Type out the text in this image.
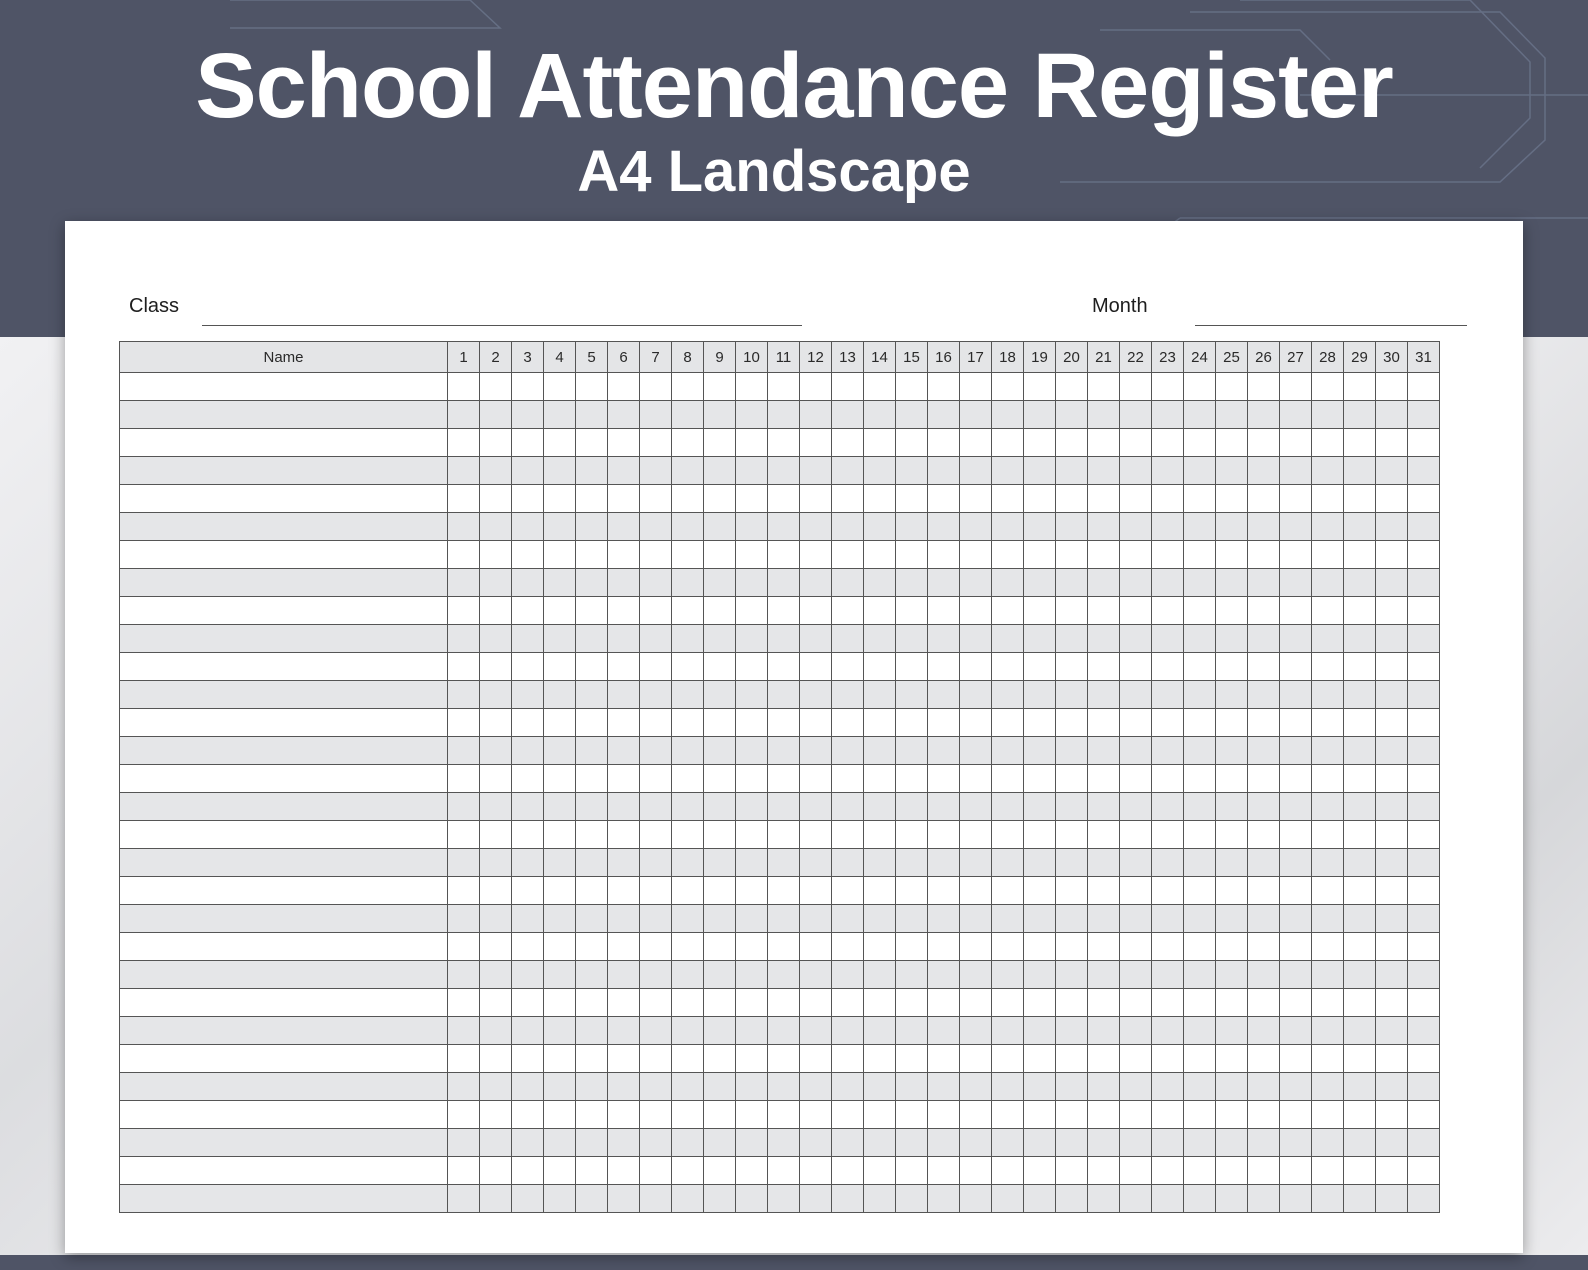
School Attendance Register
A4 Landscape
Class	Month
Name	1	2	3	4	5	6	7	8	9	10	11	12	13	14	15	16	17	18	19	20	21	22	23	24	25	26	27	28	29	30	31
